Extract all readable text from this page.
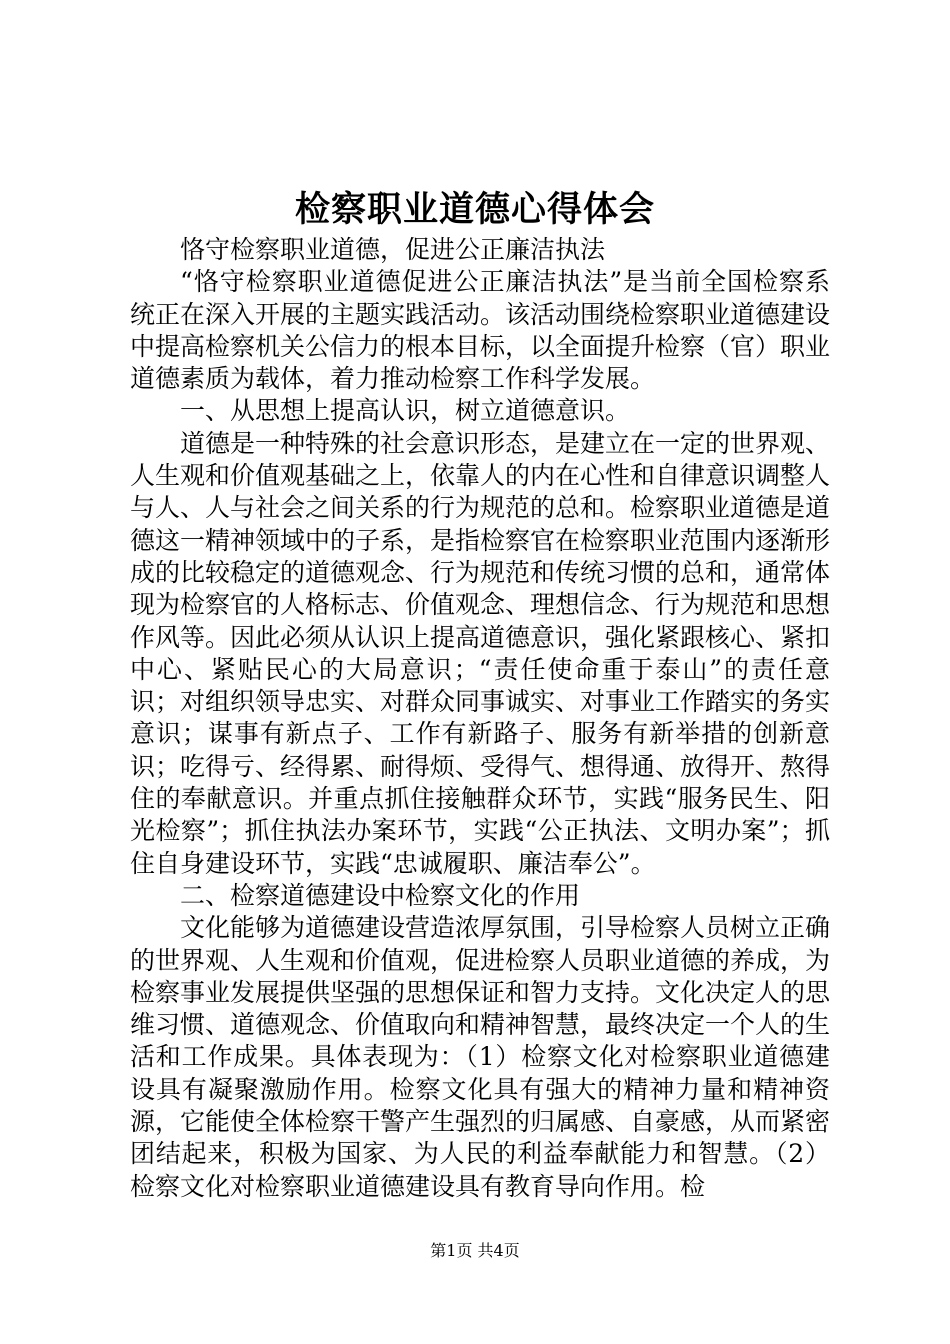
检察职业道德心得体会

恪守检察职业道德，促进公正廉洁执法

“恪守检察职业道德促进公正廉洁执法”是当前全国检察系统正在深入开展的主题实践活动。该活动围绕检察职业道德建设中提高检察机关公信力的根本目标，以全面提升检察（官）职业道德素质为载体，着力推动检察工作科学发展。

一、从思想上提高认识，树立道德意识。

道德是一种特殊的社会意识形态，是建立在一定的世界观、人生观和价值观基础之上，依靠人的内在心性和自律意识调整人与人、人与社会之间关系的行为规范的总和。检察职业道德是道德这一精神领域中的子系，是指检察官在检察职业范围内逐渐形成的比较稳定的道德观念、行为规范和传统习惯的总和，通常体现为检察官的人格标志、价值观念、理想信念、行为规范和思想作风等。因此必须从认识上提高道德意识，强化紧跟核心、紧扣中心、紧贴民心的大局意识；“责任使命重于泰山”的责任意识；对组织领导忠实、对群众同事诚实、对事业工作踏实的务实意识；谋事有新点子、工作有新路子、服务有新举措的创新意识；吃得亏、经得累、耐得烦、受得气、想得通、放得开、熬得住的奉献意识。并重点抓住接触群众环节，实践“服务民生、阳光检察”；抓住执法办案环节，实践“公正执法、文明办案”；抓住自身建设环节，实践“忠诚履职、廉洁奉公”。

二、检察道德建设中检察文化的作用

文化能够为道德建设营造浓厚氛围，引导检察人员树立正确的世界观、人生观和价值观，促进检察人员职业道德的养成，为检察事业发展提供坚强的思想保证和智力支持。文化决定人的思维习惯、道德观念、价值取向和精神智慧，最终决定一个人的生活和工作成果。具体表现为：（1）检察文化对检察职业道德建设具有凝聚激励作用。检察文化具有强大的精神力量和精神资源，它能使全体检察干警产生强烈的归属感、自豪感，从而紧密团结起来，积极为国家、为人民的利益奉献能力和智慧。（2）检察文化对检察职业道德建设具有教育导向作用。检

第1页 共4页
